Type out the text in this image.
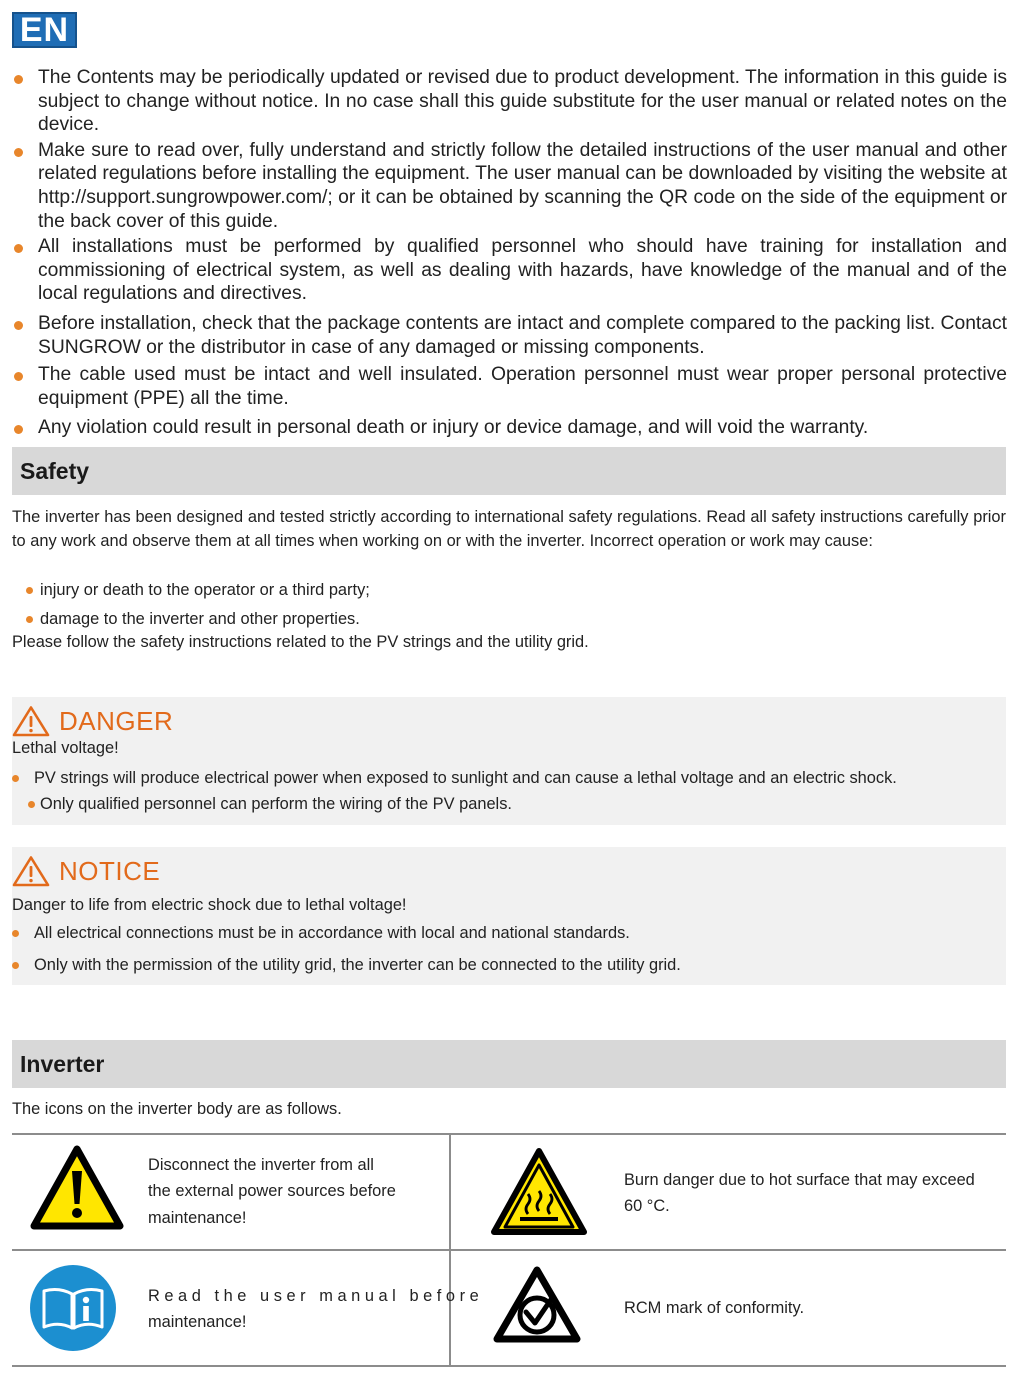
EN
The Contents may be periodically updated or revised due to product development. The information in this guide is subject to change without notice. In no case shall this guide substitute for the user manual or related notes on the device.
Make sure to read over, fully understand and strictly follow the detailed instructions of the user manual and other related regulations before installing the equipment. The user manual can be downloaded by visiting the website at http://support.sungrowpower.com/; or it can be obtained by scanning the QR code on the side of the equipment or the back cover of this guide.
All installations must be performed by qualified personnel who should have training for installation and commissioning of electrical system, as well as dealing with hazards, have knowledge of the manual and of the local regulations and directives.
Before installation, check that the package contents are intact and complete compared to the packing list. Contact SUNGROW or the distributor in case of any damaged or missing components.
The cable used must be intact and well insulated. Operation personnel must wear proper personal protective equipment (PPE) all the time.
Any violation could result in personal death or injury or device damage, and will void the warranty.
Safety
The inverter has been designed and tested strictly according to international safety regulations. Read all safety instructions carefully prior to any work and observe them at all times when working on or with the inverter. Incorrect operation or work may cause:
injury or death to the operator or a third party;
damage to the inverter and other properties.
Please follow the safety instructions related to the PV strings and the utility grid.
DANGER
Lethal voltage!
PV strings will produce electrical power when exposed to sunlight and can cause a lethal voltage and an electric shock.
Only qualified personnel can perform the wiring of the PV panels.
NOTICE
Danger to life from electric shock due to lethal voltage!
All electrical connections must be in accordance with local and national standards.
Only with the permission of the utility grid, the inverter can be connected to the utility grid.
Inverter
The icons on the inverter body are as follows.
Disconnect the inverter from all
the external power sources before
maintenance!
Burn danger due to hot surface that may exceed
60 °C.
R e a d   t h e   u s e r   m a n u a l   b e f o r e
maintenance!
RCM mark of conformity.
